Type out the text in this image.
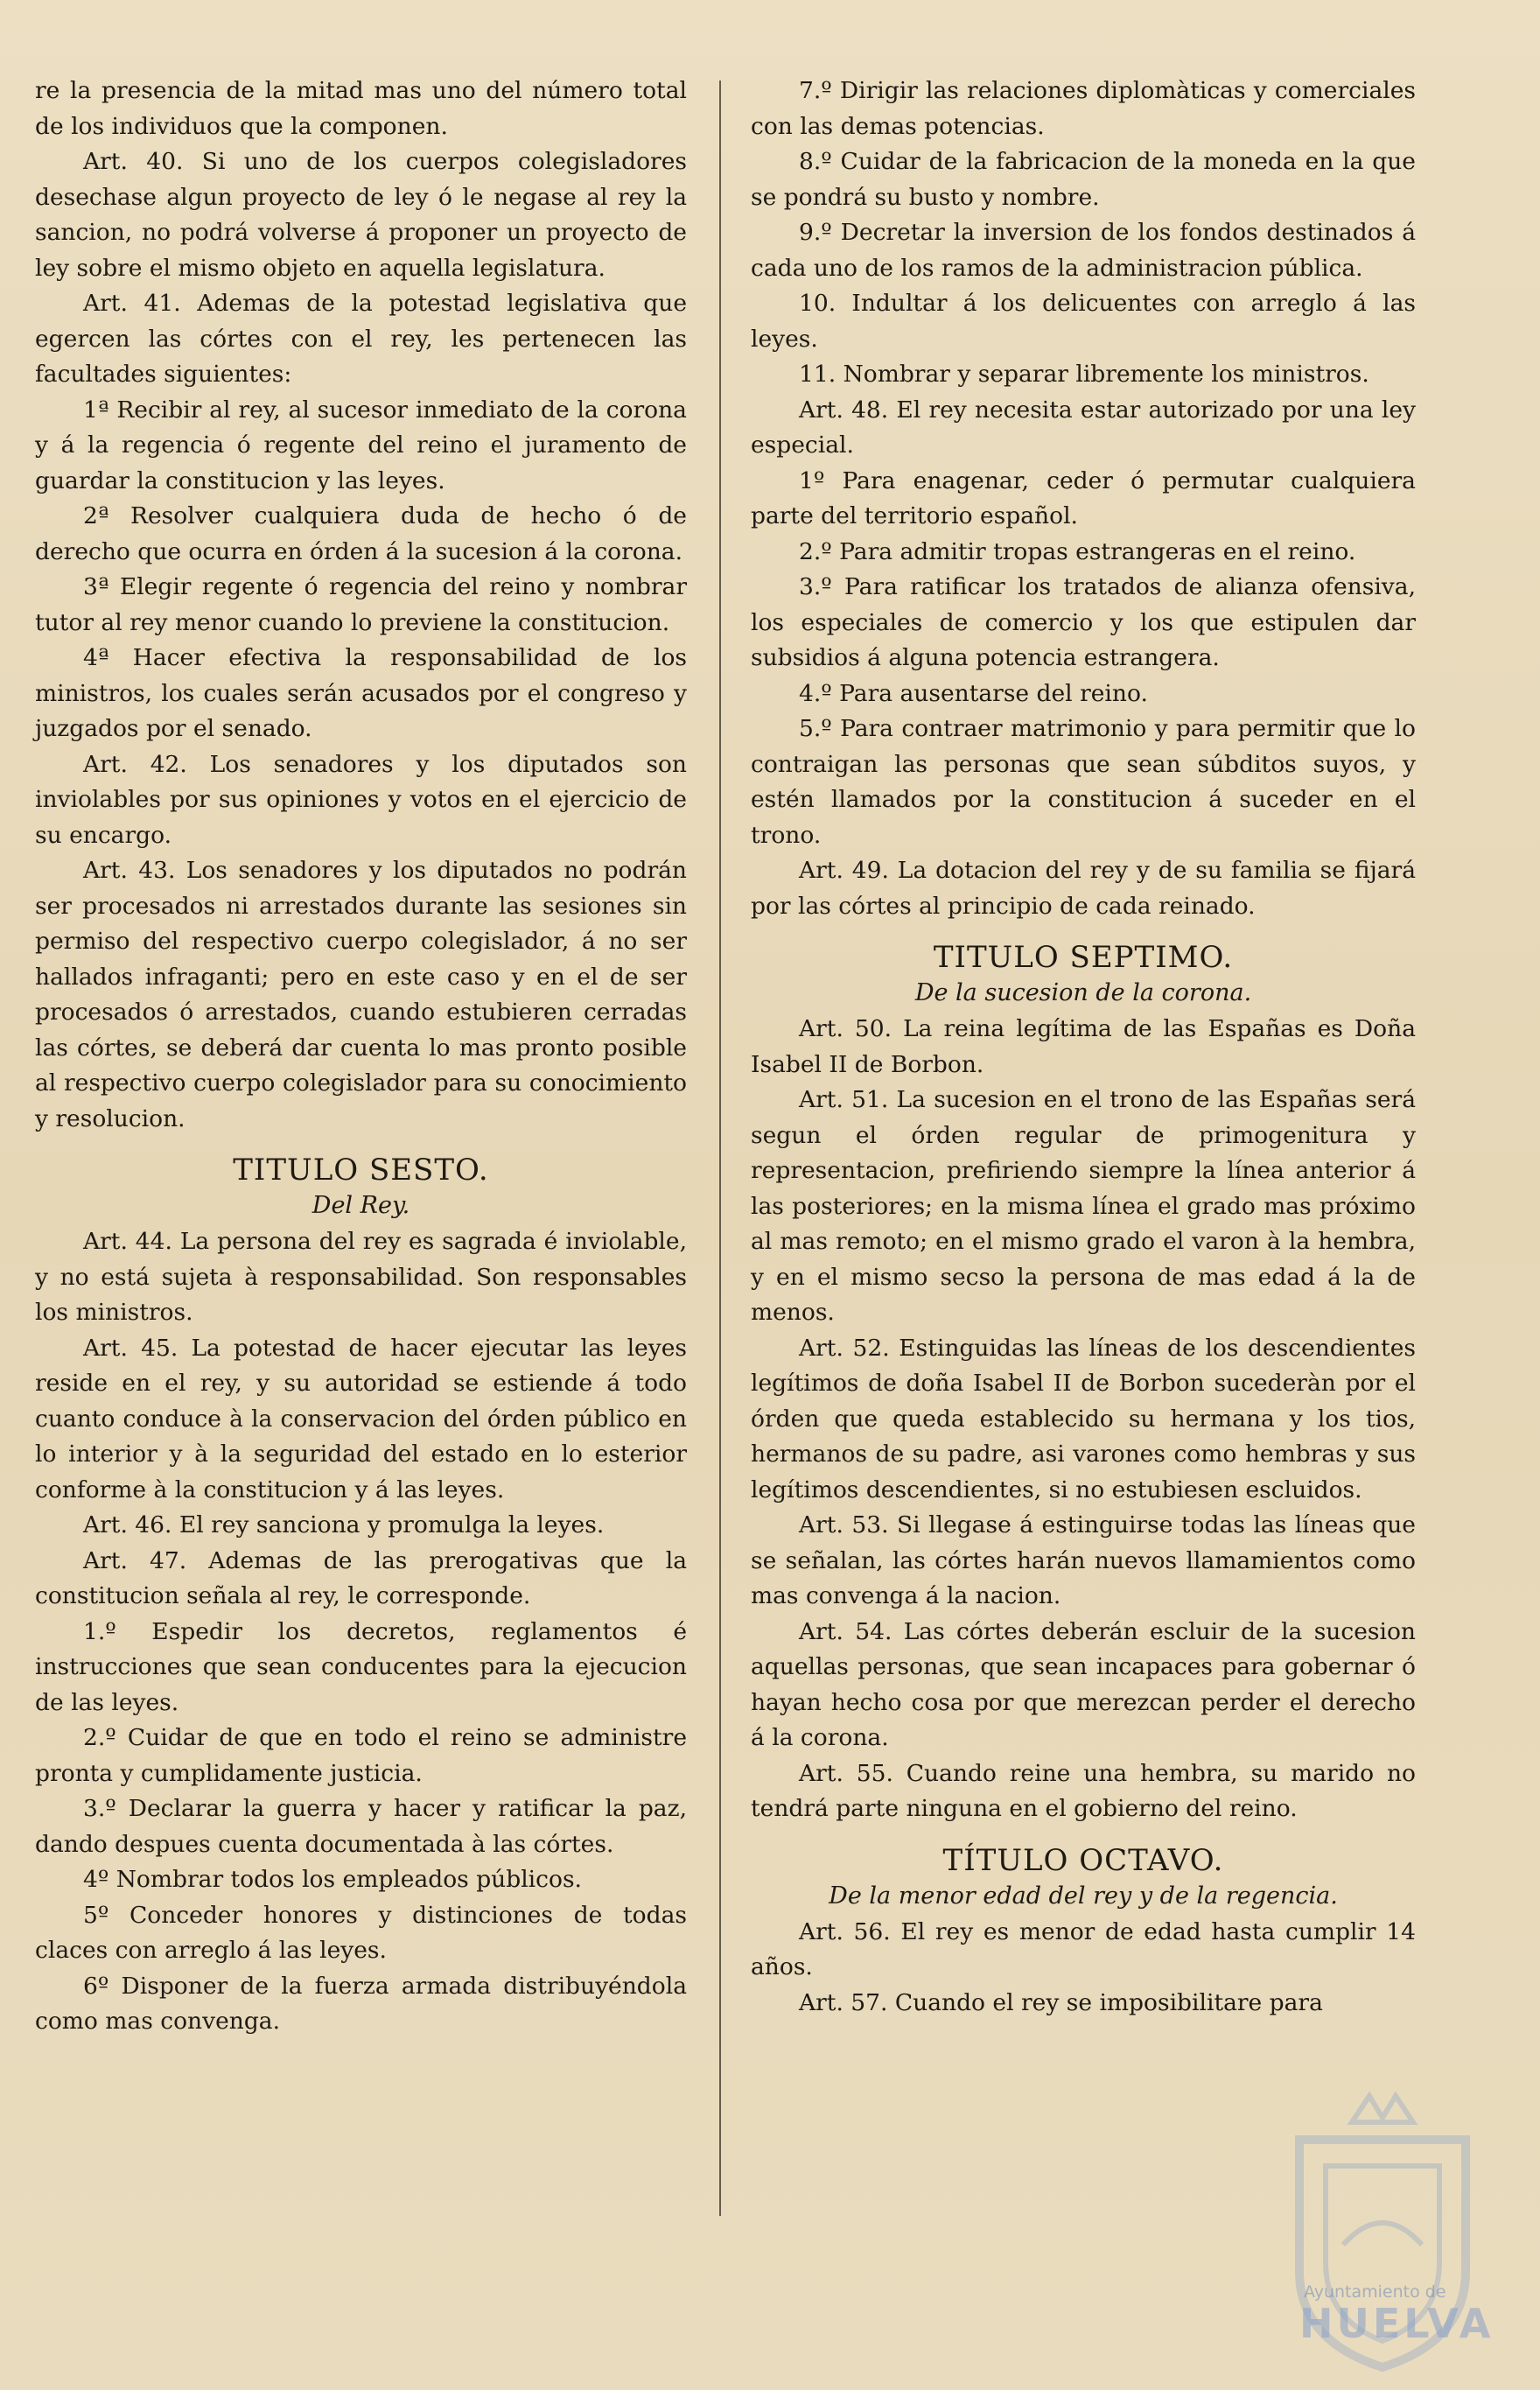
re la presencia de la mitad mas uno del número total de los individuos que la componen.

Art. 40. Si uno de los cuerpos colegisladores desechase algun proyecto de ley ó le negase al rey la sancion, no podrá volverse á proponer un proyecto de ley sobre el mismo objeto en aquella legislatura.

Art. 41. Ademas de la potestad legislativa que egercen las córtes con el rey, les pertenecen las facultades siguientes:

1ª Recibir al rey, al sucesor inmediato de la corona y á la regencia ó regente del reino el juramento de guardar la constitucion y las leyes.

2ª Resolver cualquiera duda de hecho ó de derecho que ocurra en órden á la sucesion á la corona.

3ª Elegir regente ó regencia del reino y nombrar tutor al rey menor cuando lo previene la constitucion.

4ª Hacer efectiva la responsabilidad de los ministros, los cuales serán acusados por el congreso y juzgados por el senado.

Art. 42. Los senadores y los diputados son inviolables por sus opiniones y votos en el ejercicio de su encargo.

Art. 43. Los senadores y los diputados no podrán ser procesados ni arrestados durante las sesiones sin permiso del respectivo cuerpo colegislador, á no ser hallados infraganti; pero en este caso y en el de ser procesados ó arrestados, cuando estubieren cerradas las córtes, se deberá dar cuenta lo mas pronto posible al respectivo cuerpo colegislador para su conocimiento y resolucion.

TITULO SESTO.

Del Rey.

Art. 44. La persona del rey es sagrada é inviolable, y no está sujeta à responsabilidad. Son responsables los ministros.

Art. 45. La potestad de hacer ejecutar las leyes reside en el rey, y su autoridad se estiende á todo cuanto conduce à la conservacion del órden público en lo interior y à la seguridad del estado en lo esterior conforme à la constitucion y á las leyes.

Art. 46. El rey sanciona y promulga la leyes.

Art. 47. Ademas de las prerogativas que la constitucion señala al rey, le corresponde.

1.º Espedir los decretos, reglamentos é instrucciones que sean conducentes para la ejecucion de las leyes.

2.º Cuidar de que en todo el reino se administre pronta y cumplidamente justicia.

3.º Declarar la guerra y hacer y ratificar la paz, dando despues cuenta documentada à las córtes.

4º Nombrar todos los empleados públicos.

5º Conceder honores y distinciones de todas claces con arreglo á las leyes.

6º Disponer de la fuerza armada distribuyéndola como mas convenga.

7.º Dirigir las relaciones diplomàticas y comerciales con las demas potencias.

8.º Cuidar de la fabricacion de la moneda en la que se pondrá su busto y nombre.

9.º Decretar la inversion de los fondos destinados á cada uno de los ramos de la administracion pública.

10. Indultar á los delicuentes con arreglo á las leyes.

11. Nombrar y separar libremente los ministros.

Art. 48. El rey necesita estar autorizado por una ley especial.

1º Para enagenar, ceder ó permutar cualquiera parte del territorio español.

2.º Para admitir tropas estrangeras en el reino.

3.º Para ratificar los tratados de alianza ofensiva, los especiales de comercio y los que estipulen dar subsidios á alguna potencia estrangera.

4.º Para ausentarse del reino.

5.º Para contraer matrimonio y para permitir que lo contraigan las personas que sean súbditos suyos, y estén llamados por la constitucion á suceder en el trono.

Art. 49. La dotacion del rey y de su familia se fijará por las córtes al principio de cada reinado.

TITULO SEPTIMO.

De la sucesion de la corona.

Art. 50. La reina legítima de las Españas es Doña Isabel II de Borbon.

Art. 51. La sucesion en el trono de las Españas será segun el órden regular de primogenitura y representacion, prefiriendo siempre la línea anterior á las posteriores; en la misma línea el grado mas próximo al mas remoto; en el mismo grado el varon à la hembra, y en el mismo secso la persona de mas edad á la de menos.

Art. 52. Estinguidas las líneas de los descendientes legítimos de doña Isabel II de Borbon sucederàn por el órden que queda establecido su hermana y los tios, hermanos de su padre, asi varones como hembras y sus legítimos descendientes, si no estubiesen escluidos.

Art. 53. Si llegase á estinguirse todas las líneas que se señalan, las córtes harán nuevos llamamientos como mas convenga á la nacion.

Art. 54. Las córtes deberán escluir de la sucesion aquellas personas, que sean incapaces para gobernar ó hayan hecho cosa por que merezcan perder el derecho á la corona.

Art. 55. Cuando reine una hembra, su marido no tendrá parte ninguna en el gobierno del reino.

TÍTULO OCTAVO.

De la menor edad del rey y de la regencia.

Art. 56. El rey es menor de edad hasta cumplir 14 años.

Art. 57. Cuando el rey se imposibilitare para

Ayuntamiento de
HUELVA
